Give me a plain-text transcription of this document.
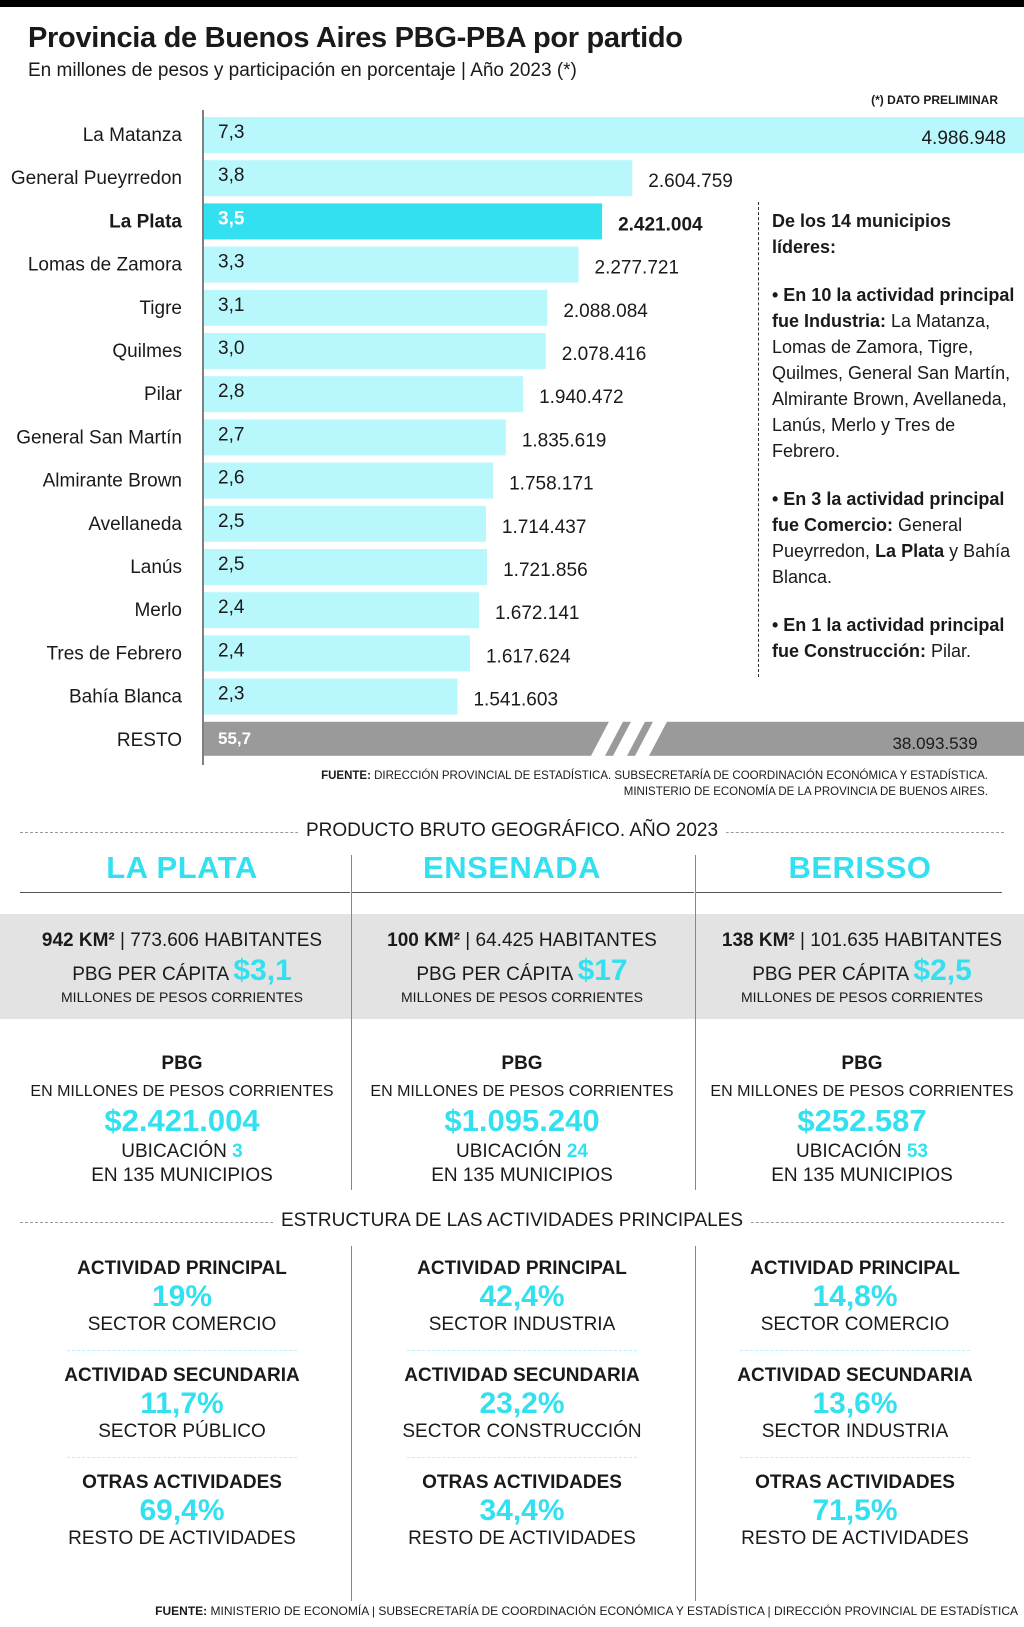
Provincia de Buenos Aires PBG-PBA por partido
En millones de pesos y participación en porcentaje | Año 2023 (*)
(*) DATO PRELIMINAR
La Matanza 7,3	4.986.948
General Pueyrredon 3,8	2.604.759
La Plata 3,5	2.421.004
Lomas de Zamora 3,3	2.277.721
Tigre 3,1	2.088.084
Quilmes 3,0	2.078.416
Pilar 2,8	1.940.472
General San Martín 2,7	1.835.619
Almirante Brown 2,6	1.758.171
Avellaneda 2,5	1.714.437
Lanús 2,5	1.721.856
Merlo 2,4	1.672.141
Tres de Febrero 2,4	1.617.624
Bahía Blanca 2,3	1.541.603
RESTO 55,7	38.093.539
De los 14 municipios líderes:

• En 10 la actividad principal fue Industria: La Matanza, Lomas de Zamora, Tigre, Quilmes, General San Martín, Almirante Brown, Avellaneda, Lanús, Merlo y Tres de Febrero.

• En 3 la actividad principal fue Comercio: General Pueyrredon, La Plata y Bahía Blanca.

• En 1 la actividad principal fue Construcción: Pilar.

FUENTE: DIRECCIÓN PROVINCIAL DE ESTADÍSTICA. SUBSECRETARÍA DE COORDINACIÓN ECONÓMICA Y ESTADÍSTICA.
MINISTERIO DE ECONOMÍA DE LA PROVINCIA DE BUENOS AIRES.
PRODUCTO BRUTO GEOGRÁFICO. AÑO 2023
LA PLATA	ENSENADA	BERISSO
942 KM² | 773.606 HABITANTES
PBG PER CÁPITA $3,1
MILLONES DE PESOS CORRIENTES
100 KM² | 64.425 HABITANTES
PBG PER CÁPITA $17
MILLONES DE PESOS CORRIENTES
138 KM² | 101.635 HABITANTES
PBG PER CÁPITA $2,5
MILLONES DE PESOS CORRIENTES
PBG
EN MILLONES DE PESOS CORRIENTES
$2.421.004
UBICACIÓN 3
EN 135 MUNICIPIOS
PBG
EN MILLONES DE PESOS CORRIENTES
$1.095.240
UBICACIÓN 24
EN 135 MUNICIPIOS
PBG
EN MILLONES DE PESOS CORRIENTES
$252.587
UBICACIÓN 53
EN 135 MUNICIPIOS
ESTRUCTURA DE LAS ACTIVIDADES PRINCIPALES
ACTIVIDAD PRINCIPAL
19%
SECTOR COMERCIO
ACTIVIDAD SECUNDARIA
11,7%
SECTOR PÚBLICO
OTRAS ACTIVIDADES
69,4%
RESTO DE ACTIVIDADES
ACTIVIDAD PRINCIPAL
42,4%
SECTOR INDUSTRIA
ACTIVIDAD SECUNDARIA
23,2%
SECTOR CONSTRUCCIÓN
OTRAS ACTIVIDADES
34,4%
RESTO DE ACTIVIDADES
ACTIVIDAD PRINCIPAL
14,8%
SECTOR COMERCIO
ACTIVIDAD SECUNDARIA
13,6%
SECTOR INDUSTRIA
OTRAS ACTIVIDADES
71,5%
RESTO DE ACTIVIDADES
FUENTE: MINISTERIO DE ECONOMÍA | SUBSECRETARÍA DE COORDINACIÓN ECONÓMICA Y ESTADÍSTICA | DIRECCIÓN PROVINCIAL DE ESTADÍSTICA
